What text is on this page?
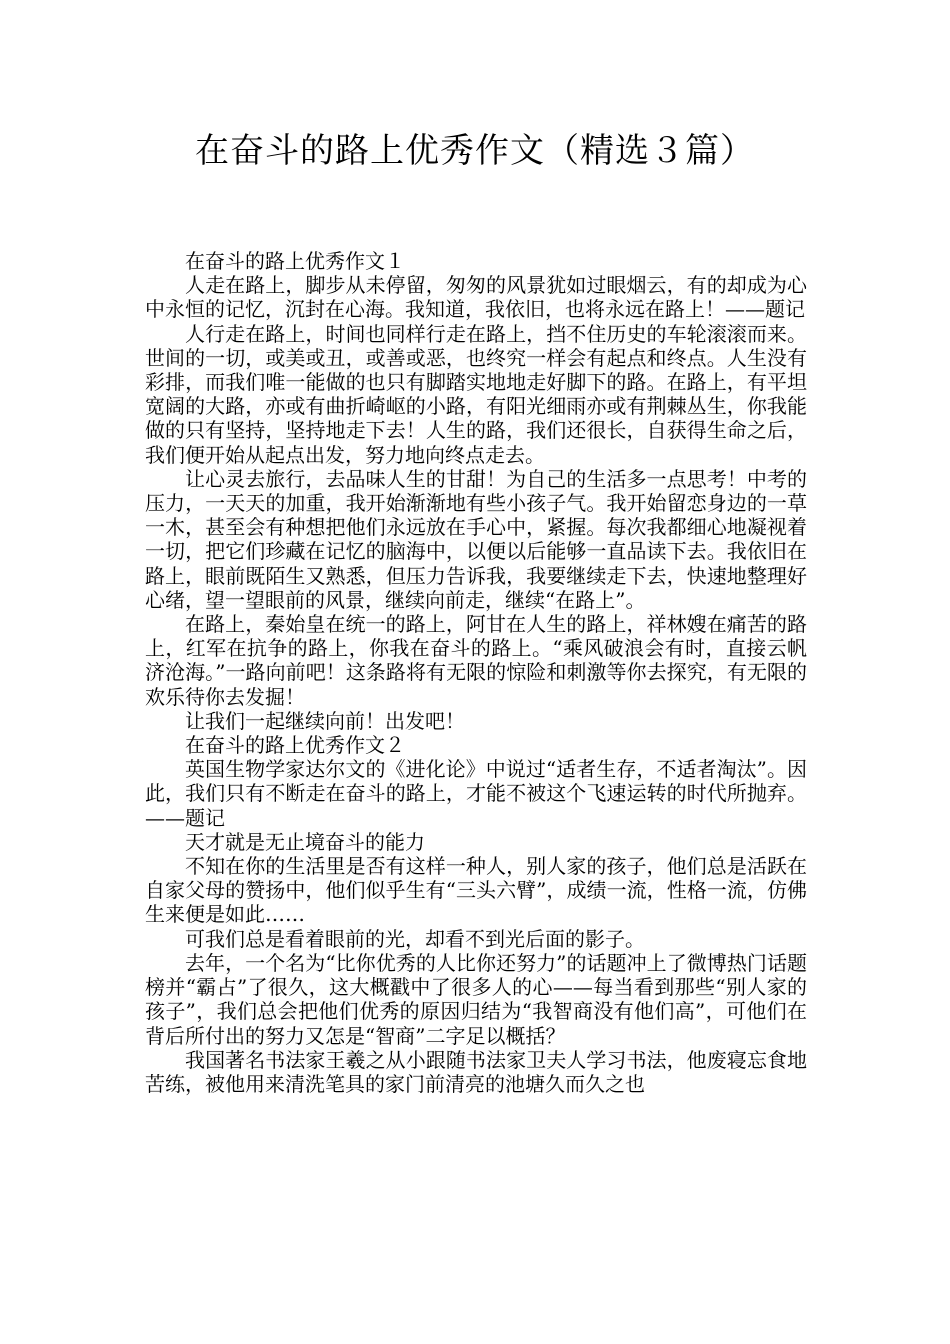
在奋斗的路上优秀作文（精选３篇）

在奋斗的路上优秀作文１

人走在路上，脚步从未停留，匆匆的风景犹如过眼烟云，有的却成为心中永恒的记忆，沉封在心海。我知道，我依旧，也将永远在路上！——题记

人行走在路上，时间也同样行走在路上，挡不住历史的车轮滚滚而来。世间的一切，或美或丑，或善或恶，也终究一样会有起点和终点。人生没有彩排，而我们唯一能做的也只有脚踏实地地走好脚下的路。在路上，有平坦宽阔的大路，亦或有曲折崎岖的小路，有阳光细雨亦或有荆棘丛生，你我能做的只有坚持，坚持地走下去！人生的路，我们还很长，自获得生命之后，我们便开始从起点出发，努力地向终点走去。

让心灵去旅行，去品味人生的甘甜！为自己的生活多一点思考！中考的压力，一天天的加重，我开始渐渐地有些小孩子气。我开始留恋身边的一草一木，甚至会有种想把他们永远放在手心中，紧握。每次我都细心地凝视着一切，把它们珍藏在记忆的脑海中，以便以后能够一直品读下去。我依旧在路上，眼前既陌生又熟悉，但压力告诉我，我要继续走下去，快速地整理好心绪，望一望眼前的风景，继续向前走，继续“在路上”。

在路上，秦始皇在统一的路上，阿甘在人生的路上，祥林嫂在痛苦的路上，红军在抗争的路上，你我在奋斗的路上。“乘风破浪会有时，直接云帆济沧海。”一路向前吧！这条路将有无限的惊险和刺激等你去探究，有无限的欢乐待你去发掘！

让我们一起继续向前！出发吧！

在奋斗的路上优秀作文２

英国生物学家达尔文的《进化论》中说过“适者生存，不适者淘汰”。因此，我们只有不断走在奋斗的路上，才能不被这个飞速运转的时代所抛弃。——题记

天才就是无止境奋斗的能力

不知在你的生活里是否有这样一种人，别人家的孩子，他们总是活跃在自家父母的赞扬中，他们似乎生有“三头六臂”，成绩一流，性格一流，仿佛生来便是如此……

可我们总是看着眼前的光，却看不到光后面的影子。

去年，一个名为“比你优秀的人比你还努力”的话题冲上了微博热门话题榜并“霸占”了很久，这大概戳中了很多人的心——每当看到那些“别人家的孩子”，我们总会把他们优秀的原因归结为“我智商没有他们高”，可他们在背后所付出的努力又怎是“智商”二字足以概括？

我国著名书法家王羲之从小跟随书法家卫夫人学习书法，他废寝忘食地苦练，被他用来清洗笔具的家门前清亮的池塘久而久之也
